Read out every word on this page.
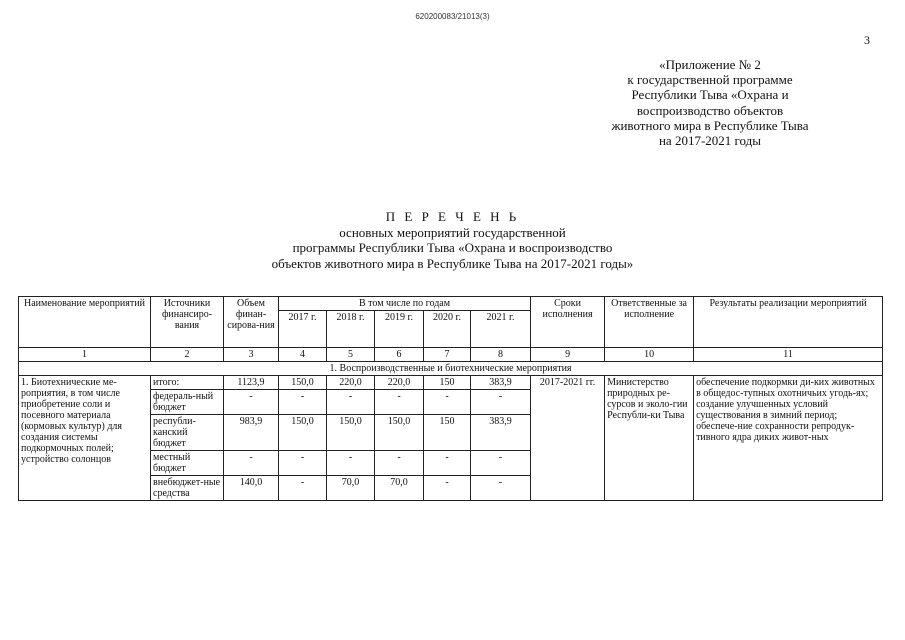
620200083/21013(3)
3
«Приложение № 2
к государственной программе
Республики Тыва «Охрана и
воспроизводство объектов
животного мира в Республике Тыва
на 2017-2021 годы
П Е Р Е Ч Е Н Ь
основных мероприятий государственной
программы Республики Тыва «Охрана и воспроизводство
объектов животного мира в Республике Тыва на 2017-2021 годы»
Наименование мероприятий	Источники финансиро-вания	Объем финан-сирова-ния	В том числе по годам					Сроки исполнения	Ответственные за исполнение	Результаты реализации мероприятий
			2017 г.	2018 г.	2019 г.	2020 г.	2021 г.			
1	2	3	4	5	6	7	8	9	10	11
1. Воспроизводственные и биотехнические мероприятия										
1. Биотехнические ме-роприятия, в том числе приобретение соли и посевного материала (кормовых культур) для создания системы подкормочных полей; устройство солонцов	итого:	1123,9	150,0	220,0	220,0	150	383,9	2017-2021 гг.	Министерство природных ре-сурсов и эколо-гии Республи-ки Тыва	обеспечение подкормки ди-ких животных в общедос-тупных охотничьих угодь-ях; создание улучшенных условий существования в зимний период; обеспече-ние сохранности репродук-тивного ядра диких живот-ных
	федераль-ный бюджет	-	-	-	-	-	-			
	республи-канский бюджет	983,9	150,0	150,0	150,0	150	383,9			
	местный бюджет	-	-	-	-	-	-			
	внебюджет-ные средства	140,0	-	70,0	70,0	-	-			
